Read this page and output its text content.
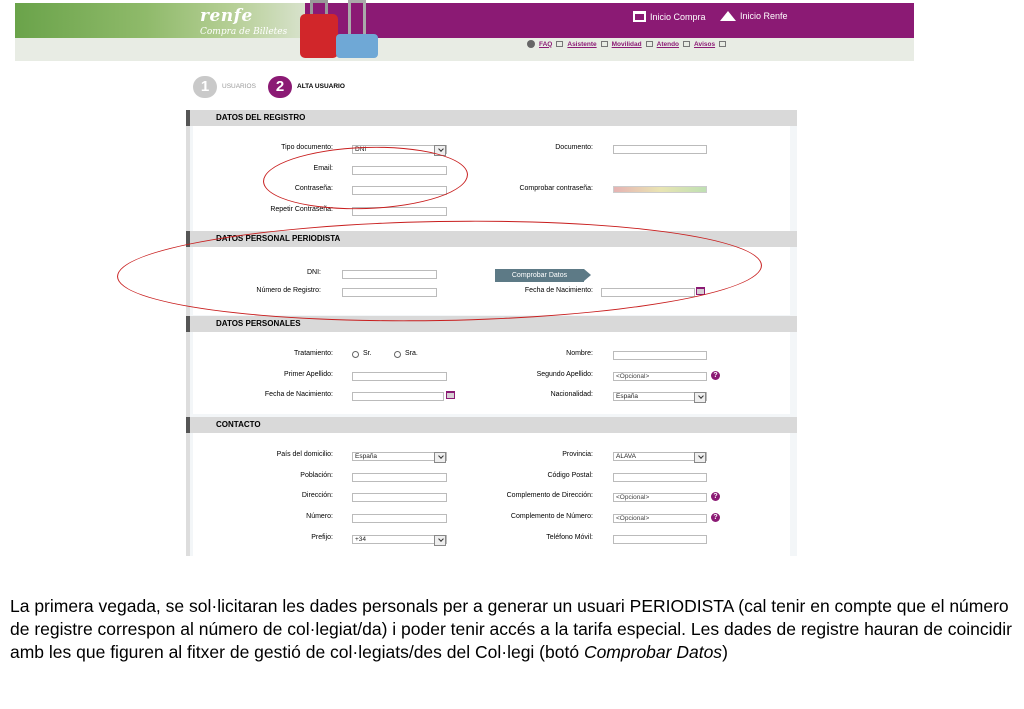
renfe
Compra de Billetes
Inicio Compra	Inicio Renfe
FAQ Asistente Movilidad Atendo Avisos
1	USUARIOS	2	ALTA USUARIO
DATOS DEL REGISTRO
Tipo documento:	DNI	Documento:
Email:
Contraseña:	Comprobar contraseña:
Repetir Contraseña:
DATOS PERSONAL PERIODISTA
DNI:	Comprobar Datos
Número de Registro:	Fecha de Nacimiento:
DATOS PERSONALES
Tratamiento:	Sr.	Sra.	Nombre:
Primer Apellido:	Segundo Apellido:	<Opcional>	?
Fecha de Nacimiento:	Nacionalidad:	España
CONTACTO
País del domicilio:	España	Provincia:	ALAVA
Población:	Código Postal:
Dirección:	Complemento de Dirección:	<Opcional>	?
Número:	Complemento de Número:	<Opcional>	?
Prefijo:	+34	Teléfono Móvil:
La primera vegada, se sol·licitaran les dades personals per a generar un usuari PERIODISTA (cal tenir en compte que el número de registre correspon al número de col·legiat/da) i poder tenir accés a la tarifa especial. Les dades de registre hauran de coincidir amb les que figuren al fitxer de gestió de col·legiats/des del Col·legi (botó Comprobar Datos)
